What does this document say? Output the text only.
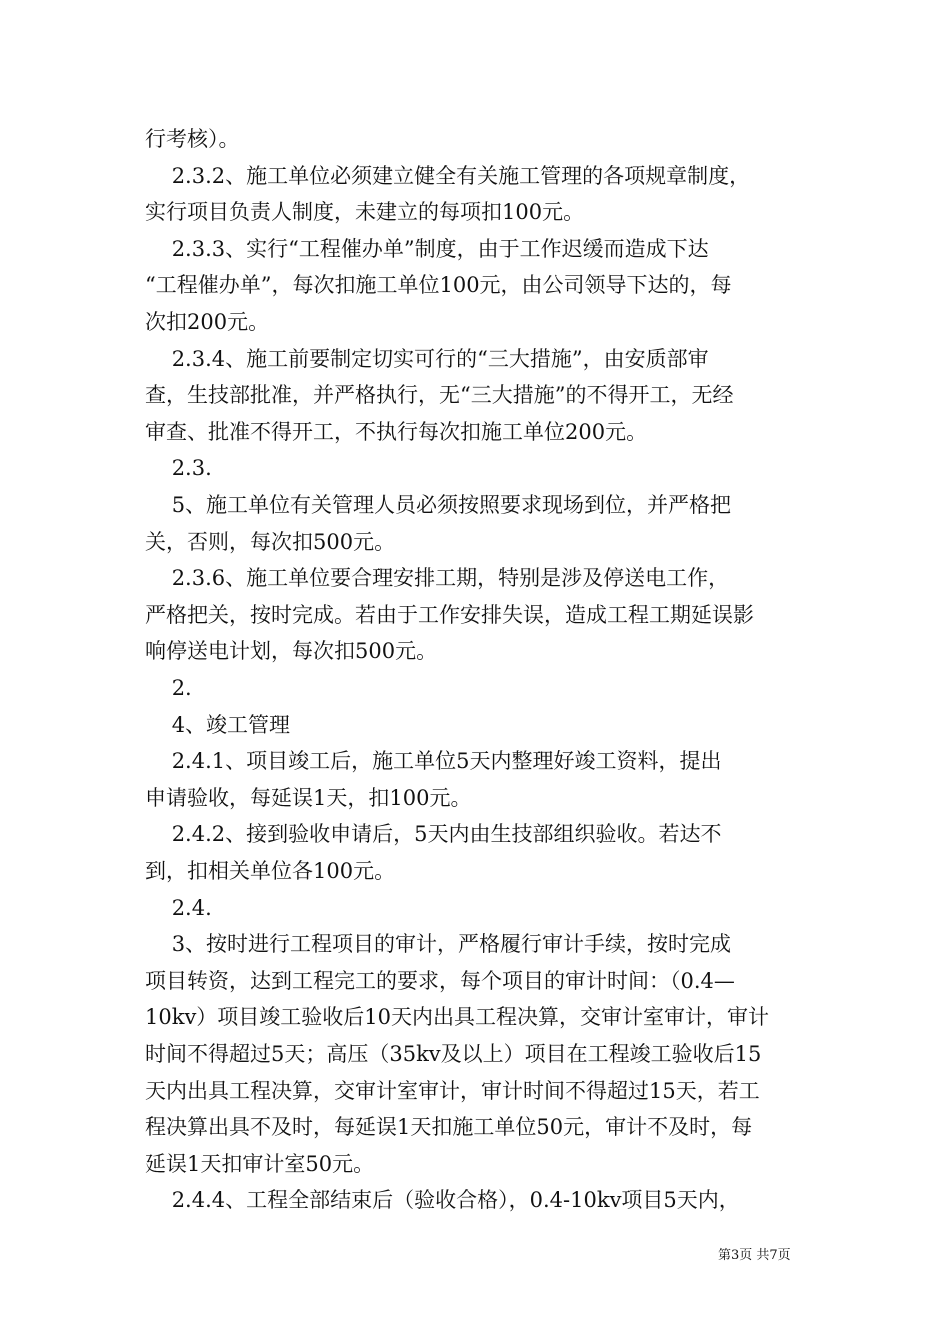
行考核）。
2.3.2、施工单位必须建立健全有关施工管理的各项规章制度，
实行项目负责人制度，未建立的每项扣100元。
2.3.3、实行“工程催办单”制度，由于工作迟缓而造成下达
“工程催办单”，每次扣施工单位100元，由公司领导下达的，每
次扣200元。
2.3.4、施工前要制定切实可行的“三大措施”，由安质部审
查，生技部批准，并严格执行，无“三大措施”的不得开工，无经
审查、批准不得开工，不执行每次扣施工单位200元。
2.3.
5、施工单位有关管理人员必须按照要求现场到位，并严格把
关，否则，每次扣500元。
2.3.6、施工单位要合理安排工期，特别是涉及停送电工作，
严格把关，按时完成。若由于工作安排失误，造成工程工期延误影
响停送电计划，每次扣500元。
2.
4、竣工管理
2.4.1、项目竣工后，施工单位5天内整理好竣工资料，提出
申请验收，每延误1天，扣100元。
2.4.2、接到验收申请后，5天内由生技部组织验收。若达不
到，扣相关单位各100元。
2.4.
3、按时进行工程项目的审计，严格履行审计手续，按时完成
项目转资，达到工程完工的要求，每个项目的审计时间：（0.4—
10kv）项目竣工验收后10天内出具工程决算，交审计室审计，审计
时间不得超过5天；高压（35kv及以上）项目在工程竣工验收后15
天内出具工程决算，交审计室审计，审计时间不得超过15天，若工
程决算出具不及时，每延误1天扣施工单位50元，审计不及时，每
延误1天扣审计室50元。
2.4.4、工程全部结束后（验收合格），0.4-10kv项目5天内，
第3页 共7页
